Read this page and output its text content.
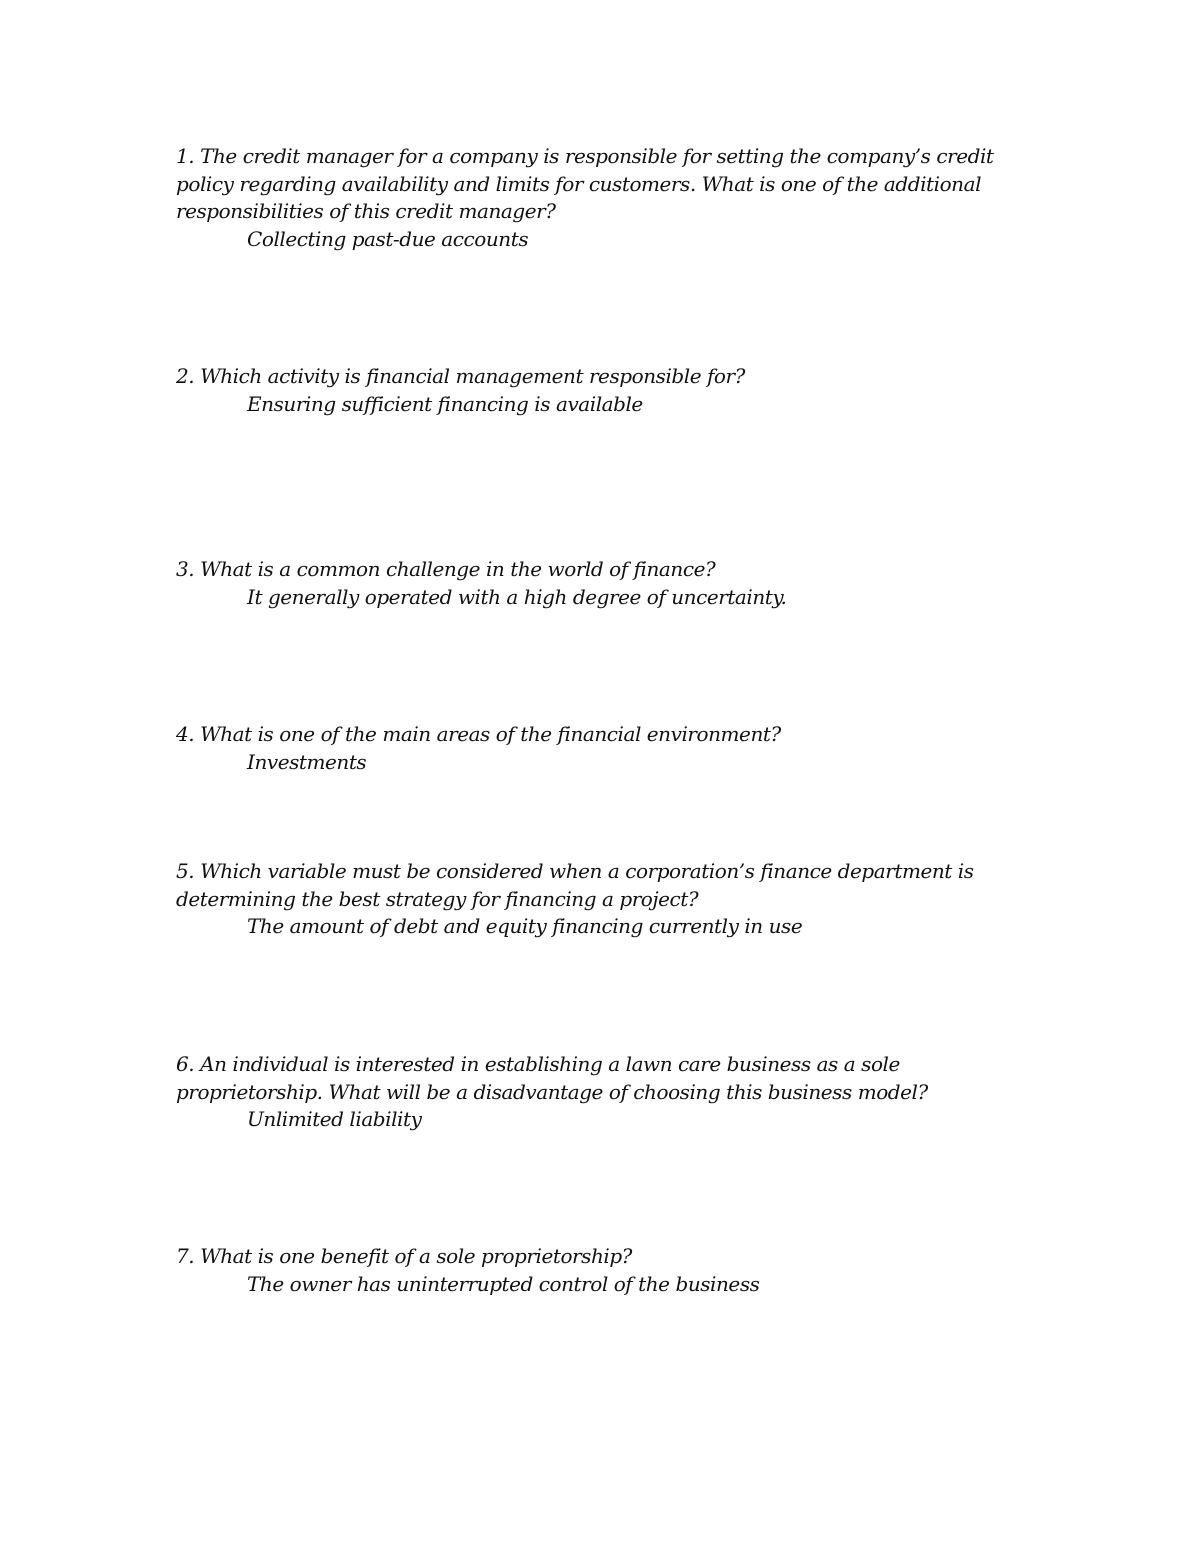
1. The credit manager for a company is responsible for setting the company’s credit

policy regarding availability and limits for customers. What is one of the additional

responsibilities of this credit manager?

Collecting past-due accounts

2. Which activity is financial management responsible for?

Ensuring sufficient financing is available

3. What is a common challenge in the world of finance?

It generally operated with a high degree of uncertainty.

4. What is one of the main areas of the financial environment?

Investments

5. Which variable must be considered when a corporation’s finance department is

determining the best strategy for financing a project?

The amount of debt and equity financing currently in use

6. An individual is interested in establishing a lawn care business as a sole

proprietorship. What will be a disadvantage of choosing this business model?

Unlimited liability

7. What is one benefit of a sole proprietorship?

The owner has uninterrupted control of the business
